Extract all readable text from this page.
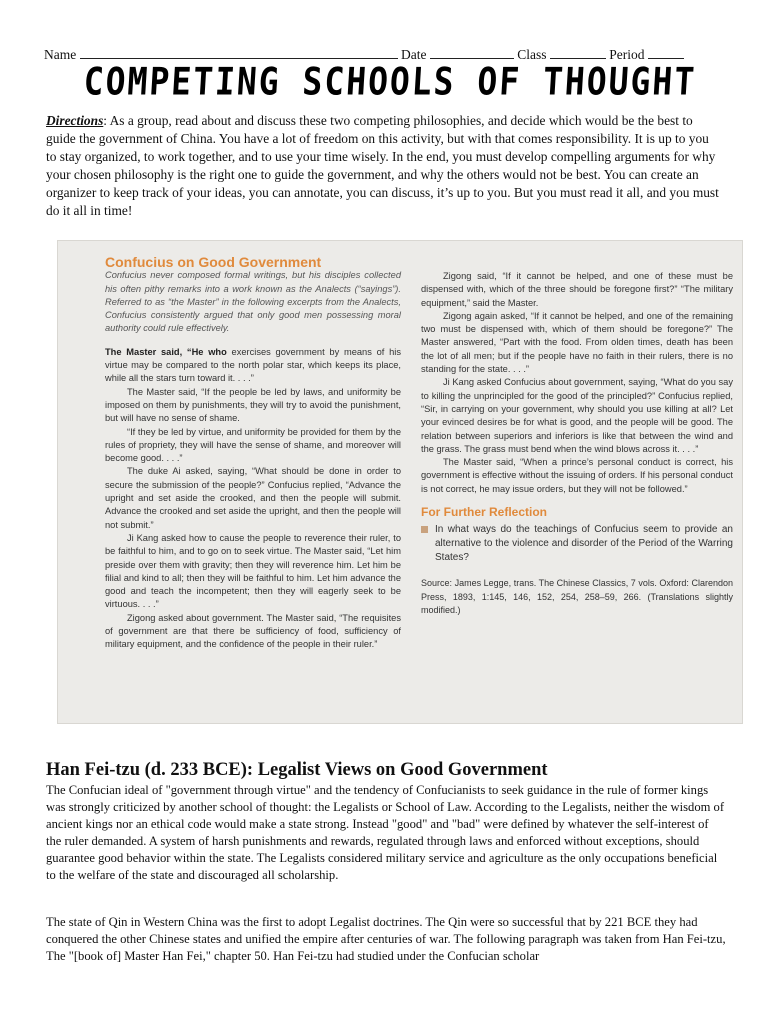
Name	Date	Class	Period
COMPETING SCHOOLS OF THOUGHT

Directions: As a group, read about and discuss these two competing philosophies, and decide which would be the best to guide the government of China. You have a lot of freedom on this activity, but with that comes responsibility. It is up to you to stay organized, to work together, and to use your time wisely. In the end, you must develop compelling arguments for why your chosen philosophy is the right one to guide the government, and why the others would not be best. You can create an organizer to keep track of your ideas, you can annotate, you can discuss, it’s up to you. But you must read it all, and you must do it all in time!

Confucius on Good Government

Confucius never composed formal writings, but his disciples collected his often pithy remarks into a work known as the Analects (“sayings”). Referred to as “the Master” in the following excerpts from the Analects, Confucius consistently argued that only good men possessing moral authority could rule effectively.

The Master said, “He who exercises government by means of his virtue may be compared to the north polar star, which keeps its place, while all the stars turn toward it. . . .”

The Master said, “If the people be led by laws, and uniformity be imposed on them by punishments, they will try to avoid the punishment, but will have no sense of shame.

“If they be led by virtue, and uniformity be provided for them by the rules of propriety, they will have the sense of shame, and moreover will become good. . . .”

The duke Ai asked, saying, “What should be done in order to secure the submission of the people?” Confucius replied, “Advance the upright and set aside the crooked, and then the people will submit. Advance the crooked and set aside the upright, and then the people will not submit.”

Ji Kang asked how to cause the people to reverence their ruler, to be faithful to him, and to go on to seek virtue. The Master said, “Let him preside over them with gravity; then they will reverence him. Let him be filial and kind to all; then they will be faithful to him. Let him advance the good and teach the incompetent; then they will eagerly seek to be virtuous. . . .”

Zigong asked about government. The Master said, “The requisites of government are that there be sufficiency of food, sufficiency of military equipment, and the confidence of the people in their ruler.”

Zigong said, “If it cannot be helped, and one of these must be dispensed with, which of the three should be foregone first?” “The military equipment,” said the Master.

Zigong again asked, “If it cannot be helped, and one of the remaining two must be dispensed with, which of them should be foregone?” The Master answered, “Part with the food. From olden times, death has been the lot of all men; but if the people have no faith in their rulers, there is no standing for the state. . . .”

Ji Kang asked Confucius about government, saying, “What do you say to killing the unprincipled for the good of the principled?” Confucius replied, “Sir, in carrying on your government, why should you use killing at all? Let your evinced desires be for what is good, and the people will be good. The relation between superiors and inferiors is like that between the wind and the grass. The grass must bend when the wind blows across it. . . .”

The Master said, “When a prince’s personal conduct is correct, his government is effective without the issuing of orders. If his personal conduct is not correct, he may issue orders, but they will not be followed.”

For Further Reflection

In what ways do the teachings of Confucius seem to provide an alternative to the violence and disorder of the Period of the Warring States?

Source: James Legge, trans. The Chinese Classics, 7 vols. Oxford: Clarendon Press, 1893, 1:145, 146, 152, 254, 258–59, 266. (Translations slightly modified.)

Han Fei-tzu (d. 233 BCE): Legalist Views on Good Government

The Confucian ideal of "government through virtue" and the tendency of Confucianists to seek guidance in the rule of former kings was strongly criticized by another school of thought: the Legalists or School of Law. According to the Legalists, neither the wisdom of ancient kings nor an ethical code would make a state strong. Instead "good" and "bad" were defined by whatever the self-interest of the ruler demanded. A system of harsh punishments and rewards, regulated through laws and enforced without exceptions, should guarantee good behavior within the state. The Legalists considered military service and agriculture as the only occupations beneficial to the welfare of the state and discouraged all scholarship.

The state of Qin in Western China was the first to adopt Legalist doctrines. The Qin were so successful that by 221 BCE they had conquered the other Chinese states and unified the empire after centuries of war. The following paragraph was taken from Han Fei-tzu, The "[book of] Master Han Fei," chapter 50. Han Fei-tzu had studied under the Confucian scholar
